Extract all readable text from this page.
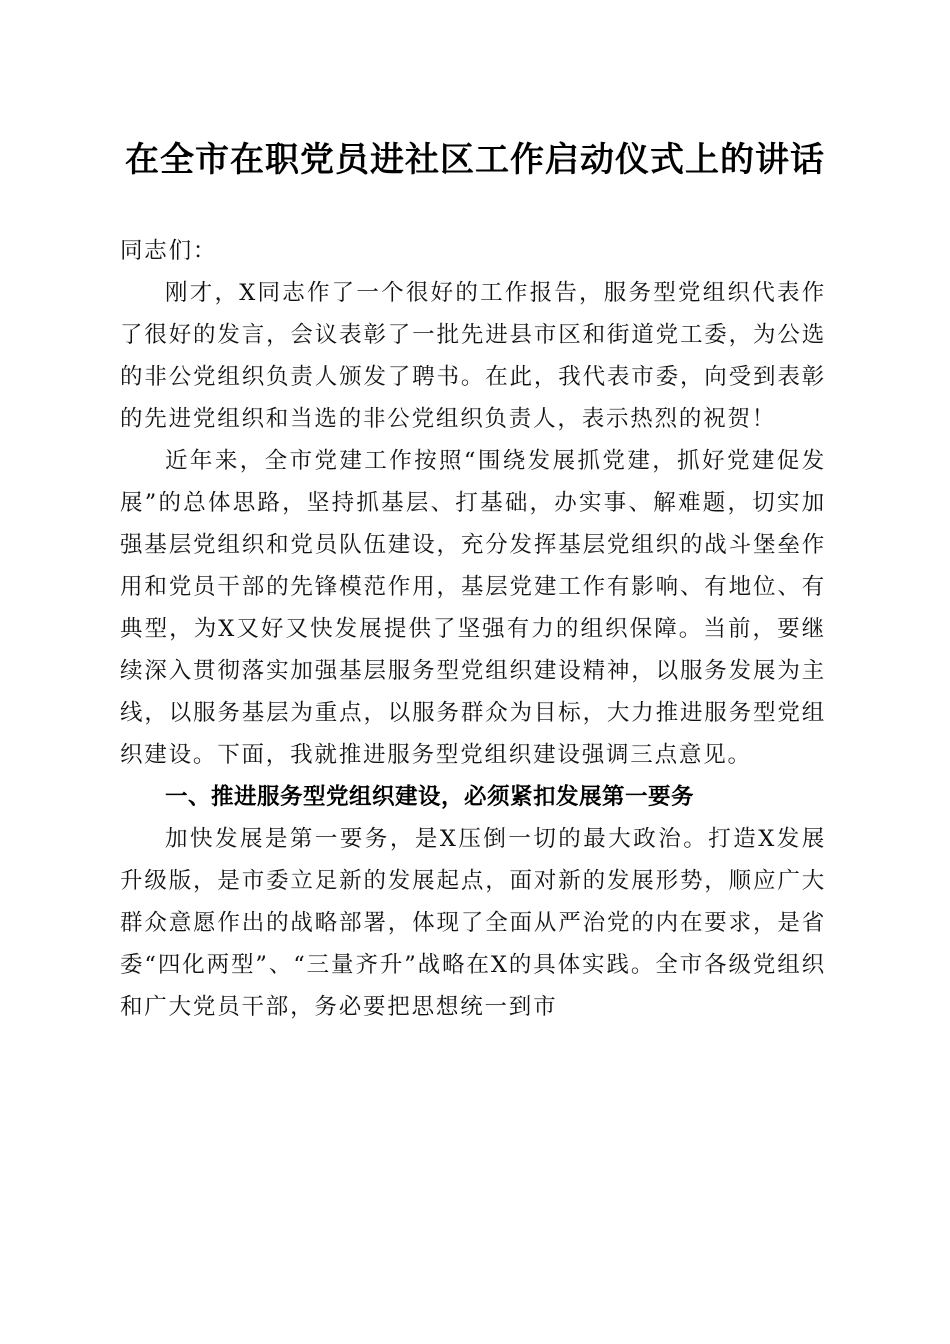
在全市在职党员进社区工作启动仪式上的讲话

同志们：

刚才，X同志作了一个很好的工作报告，服务型党组织代表作了很好的发言，会议表彰了一批先进县市区和街道党工委，为公选的非公党组织负责人颁发了聘书。在此，我代表市委，向受到表彰的先进党组织和当选的非公党组织负责人，表示热烈的祝贺！

近年来，全市党建工作按照“围绕发展抓党建，抓好党建促发展”的总体思路，坚持抓基层、打基础，办实事、解难题，切实加强基层党组织和党员队伍建设，充分发挥基层党组织的战斗堡垒作用和党员干部的先锋模范作用，基层党建工作有影响、有地位、有典型，为X又好又快发展提供了坚强有力的组织保障。当前，要继续深入贯彻落实加强基层服务型党组织建设精神，以服务发展为主线，以服务基层为重点，以服务群众为目标，大力推进服务型党组织建设。下面，我就推进服务型党组织建设强调三点意见。

一、推进服务型党组织建设，必须紧扣发展第一要务

加快发展是第一要务，是X压倒一切的最大政治。打造X发展升级版，是市委立足新的发展起点，面对新的发展形势，顺应广大群众意愿作出的战略部署，体现了全面从严治党的内在要求，是省委“四化两型”、“三量齐升”战略在X的具体实践。全市各级党组织和广大党员干部，务必要把思想统一到市
